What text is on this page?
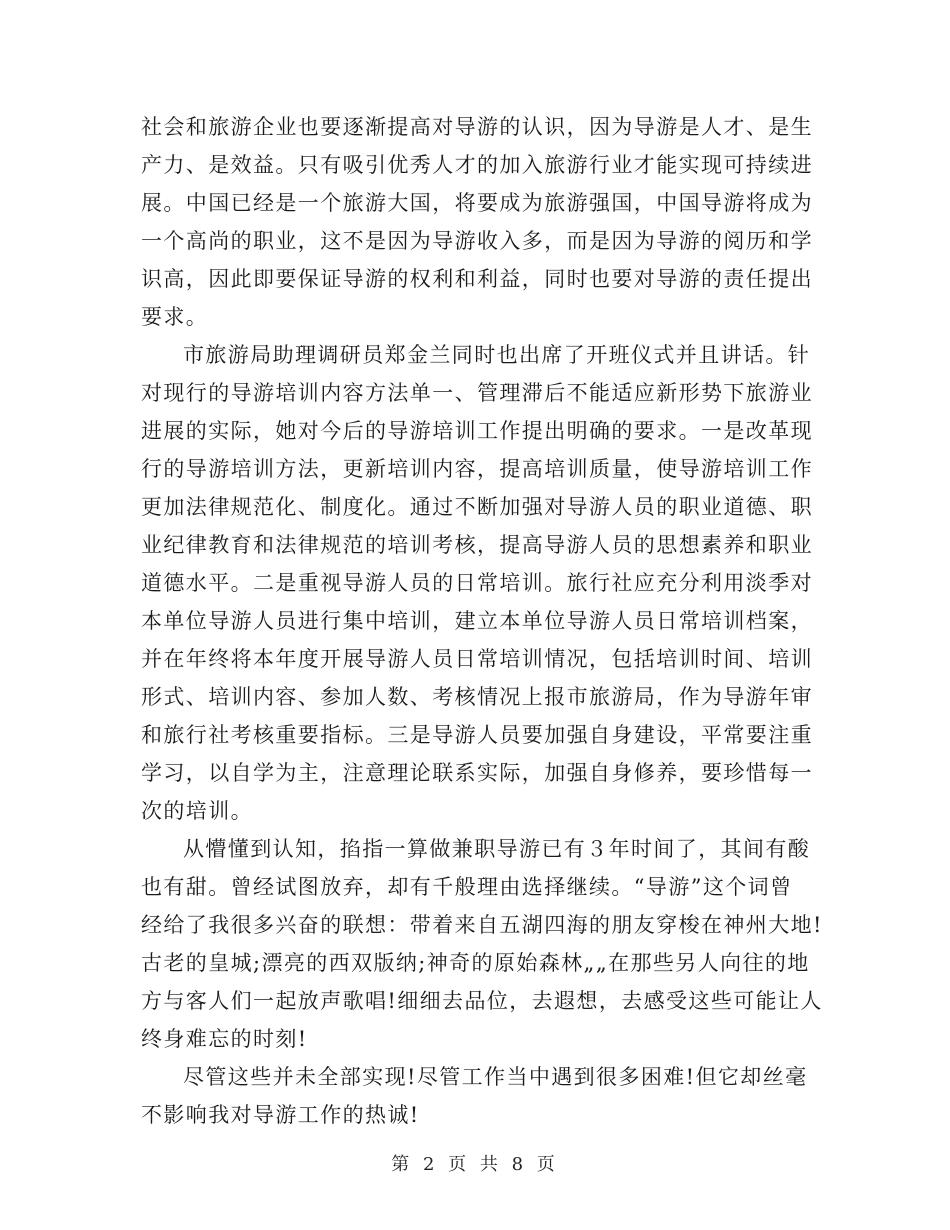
社会和旅游企业也要逐渐提高对导游的认识，因为导游是人才、是生
产力、是效益。只有吸引优秀人才的加入旅游行业才能实现可持续进
展。中国已经是一个旅游大国，将要成为旅游强国，中国导游将成为
一个高尚的职业，这不是因为导游收入多，而是因为导游的阅历和学
识高，因此即要保证导游的权利和利益，同时也要对导游的责任提出
要求。
市旅游局助理调研员郑金兰同时也出席了开班仪式并且讲话。针
对现行的导游培训内容方法单一、管理滞后不能适应新形势下旅游业
进展的实际，她对今后的导游培训工作提出明确的要求。一是改革现
行的导游培训方法，更新培训内容，提高培训质量，使导游培训工作
更加法律规范化、制度化。通过不断加强对导游人员的职业道德、职
业纪律教育和法律规范的培训考核，提高导游人员的思想素养和职业
道德水平。二是重视导游人员的日常培训。旅行社应充分利用淡季对
本单位导游人员进行集中培训，建立本单位导游人员日常培训档案，
并在年终将本年度开展导游人员日常培训情况，包括培训时间、培训
形式、培训内容、参加人数、考核情况上报市旅游局，作为导游年审
和旅行社考核重要指标。三是导游人员要加强自身建设，平常要注重
学习，以自学为主，注意理论联系实际，加强自身修养，要珍惜每一
次的培训。
从懵懂到认知，掐指一算做兼职导游已有３年时间了，其间有酸
也有甜。曾经试图放弃，却有千般理由选择继续。“导游”这个词曾
经给了我很多兴奋的联想：带着来自五湖四海的朋友穿梭在神州大地!
古老的皇城;漂亮的西双版纳;神奇的原始森林„„在那些另人向往的地
方与客人们一起放声歌唱!细细去品位，去遐想，去感受这些可能让人
终身难忘的时刻!
尽管这些并未全部实现!尽管工作当中遇到很多困难!但它却丝毫
不影响我对导游工作的热诚!
第 2 页 共 8 页
